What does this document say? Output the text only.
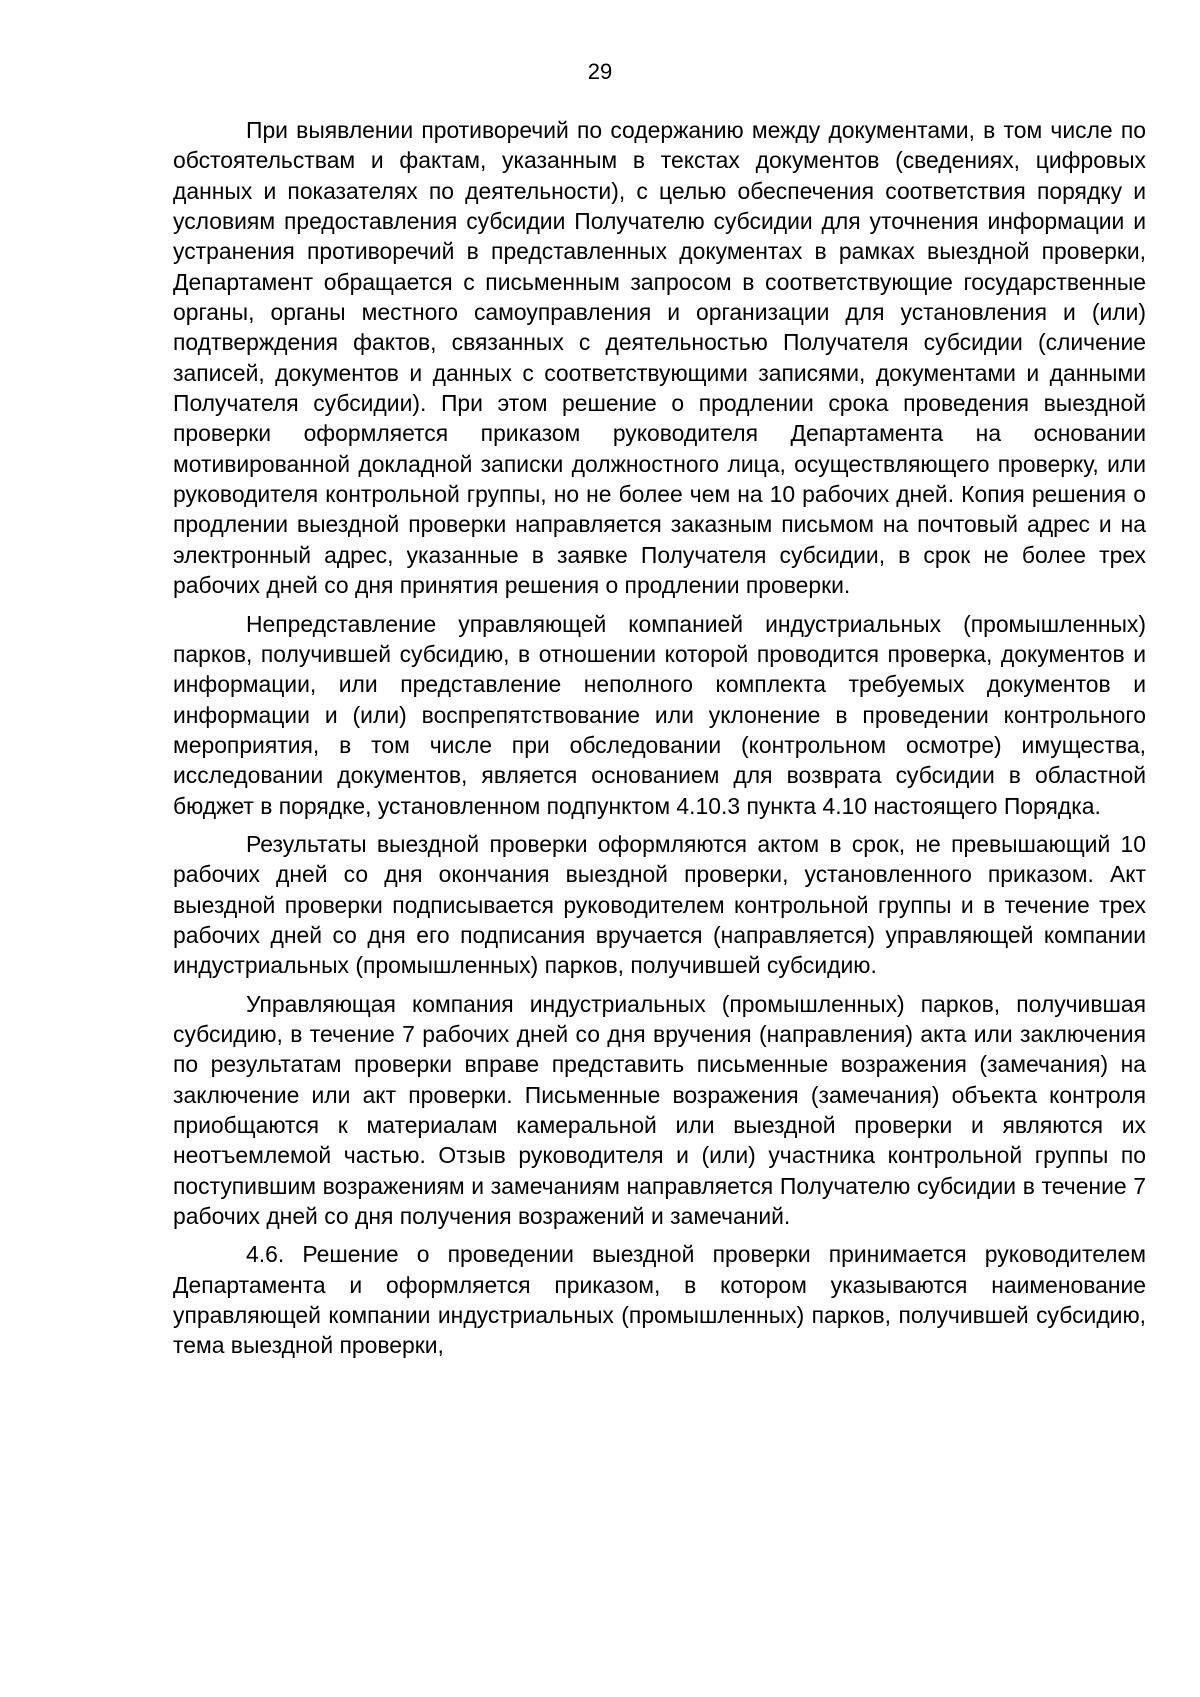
29

При выявлении противоречий по содержанию между документами, в том числе по обстоятельствам и фактам, указанным в текстах документов (сведениях, цифровых данных и показателях по деятельности), с целью обеспечения соответствия порядку и условиям предоставления субсидии Получателю субсидии для уточнения информации и устранения противоречий в представленных документах в рамках выездной проверки, Департамент обращается с письменным запросом в соответствующие государственные органы, органы местного самоуправления и организации для установления и (или) подтверждения фактов, связанных с деятельностью Получателя субсидии (сличение записей, документов и данных с соответствующими записями, документами и данными Получателя субсидии). При этом решение о продлении срока проведения выездной проверки оформляется приказом руководителя Департамента на основании мотивированной докладной записки должностного лица, осуществляющего проверку, или руководителя контрольной группы, но не более чем на 10 рабочих дней. Копия решения о продлении выездной проверки направляется заказным письмом на почтовый адрес и на электронный адрес, указанные в заявке Получателя субсидии, в срок не более трех рабочих дней со дня принятия решения о продлении проверки.

Непредставление управляющей компанией индустриальных (промышленных) парков, получившей субсидию, в отношении которой проводится проверка, документов и информации, или представление неполного комплекта требуемых документов и информации и (или) воспрепятствование или уклонение в проведении контрольного мероприятия, в том числе при обследовании (контрольном осмотре) имущества, исследовании документов, является основанием для возврата субсидии в областной бюджет в порядке, установленном подпунктом 4.10.3 пункта 4.10 настоящего Порядка.

Результаты выездной проверки оформляются актом в срок, не превышающий 10 рабочих дней со дня окончания выездной проверки, установленного приказом. Акт выездной проверки подписывается руководителем контрольной группы и в течение трех рабочих дней со дня его подписания вручается (направляется) управляющей компании индустриальных (промышленных) парков, получившей субсидию.

Управляющая компания индустриальных (промышленных) парков, получившая субсидию, в течение 7 рабочих дней со дня вручения (направления) акта или заключения по результатам проверки вправе представить письменные возражения (замечания) на заключение или акт проверки. Письменные возражения (замечания) объекта контроля приобщаются к материалам камеральной или выездной проверки и являются их неотъемлемой частью. Отзыв руководителя и (или) участника контрольной группы по поступившим возражениям и замечаниям направляется Получателю субсидии в течение 7 рабочих дней со дня получения возражений и замечаний.

4.6. Решение о проведении выездной проверки принимается руководителем Департамента и оформляется приказом, в котором указываются наименование управляющей компании индустриальных (промышленных) парков, получившей субсидию, тема выездной проверки,
